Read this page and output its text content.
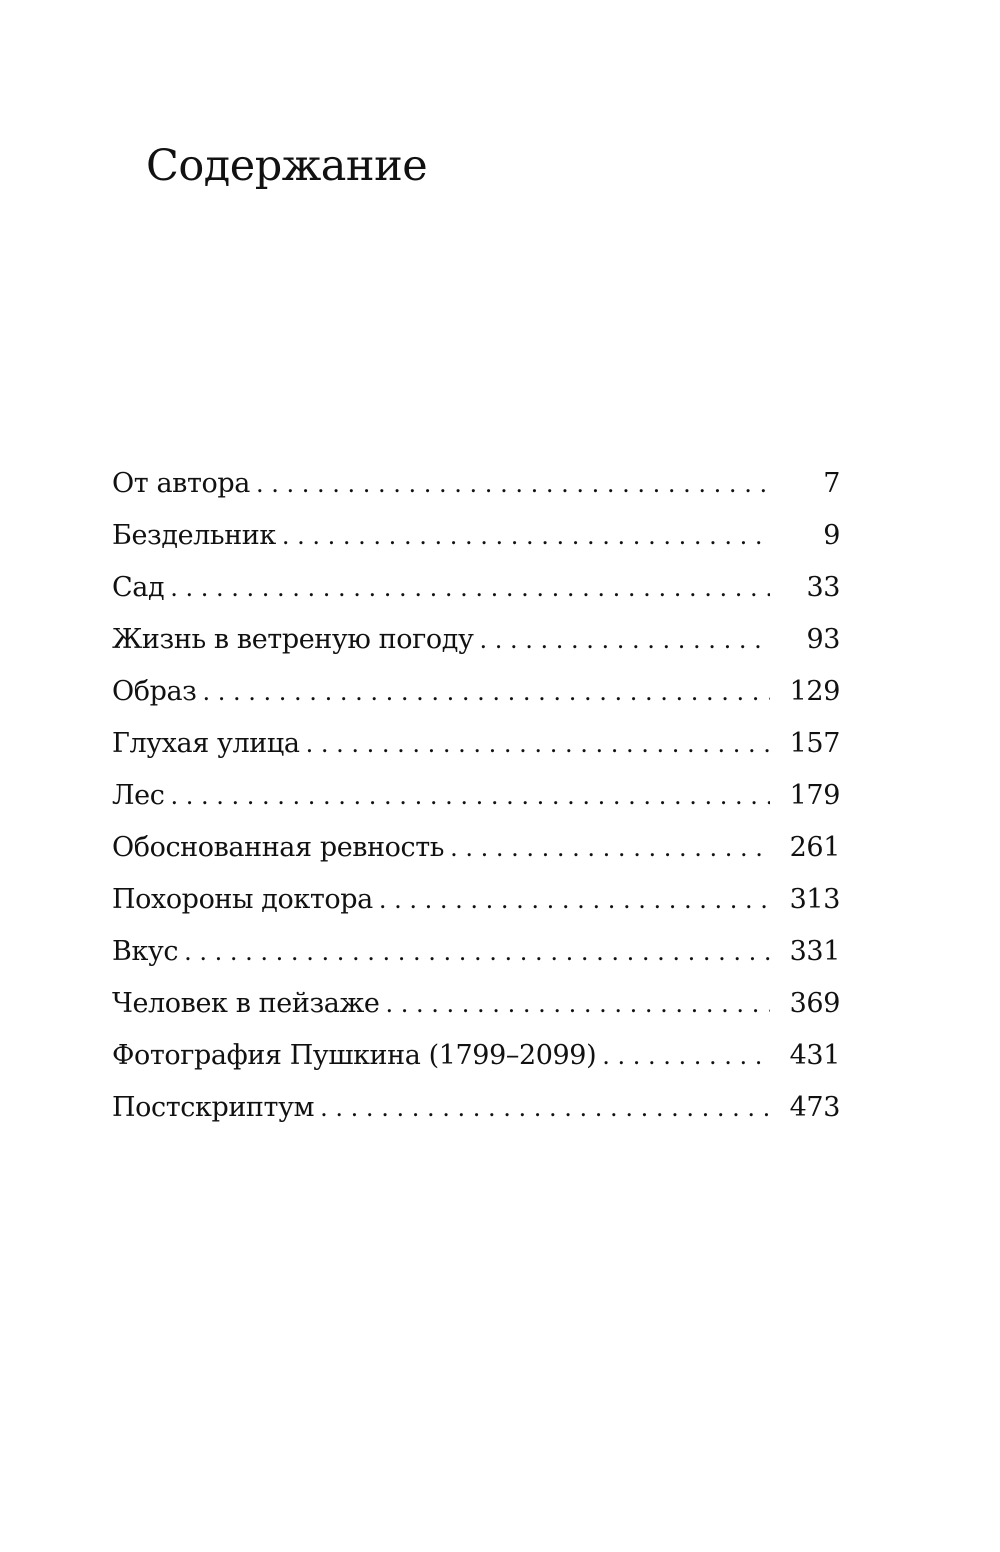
Содержание
От автора . . .	7
Бездельник . . .	9
Сад . . .	33
Жизнь в ветреную погоду . . .	93
Образ . . .	129
Глухая улица . . .	157
Лес . . .	179
Обоснованная ревность . . .	261
Похороны доктора . . .	313
Вкус . . .	331
Человек в пейзаже . . .	369
Фотография Пушкина (1799–2099) . . .	431
Постскриптум . . .	473
